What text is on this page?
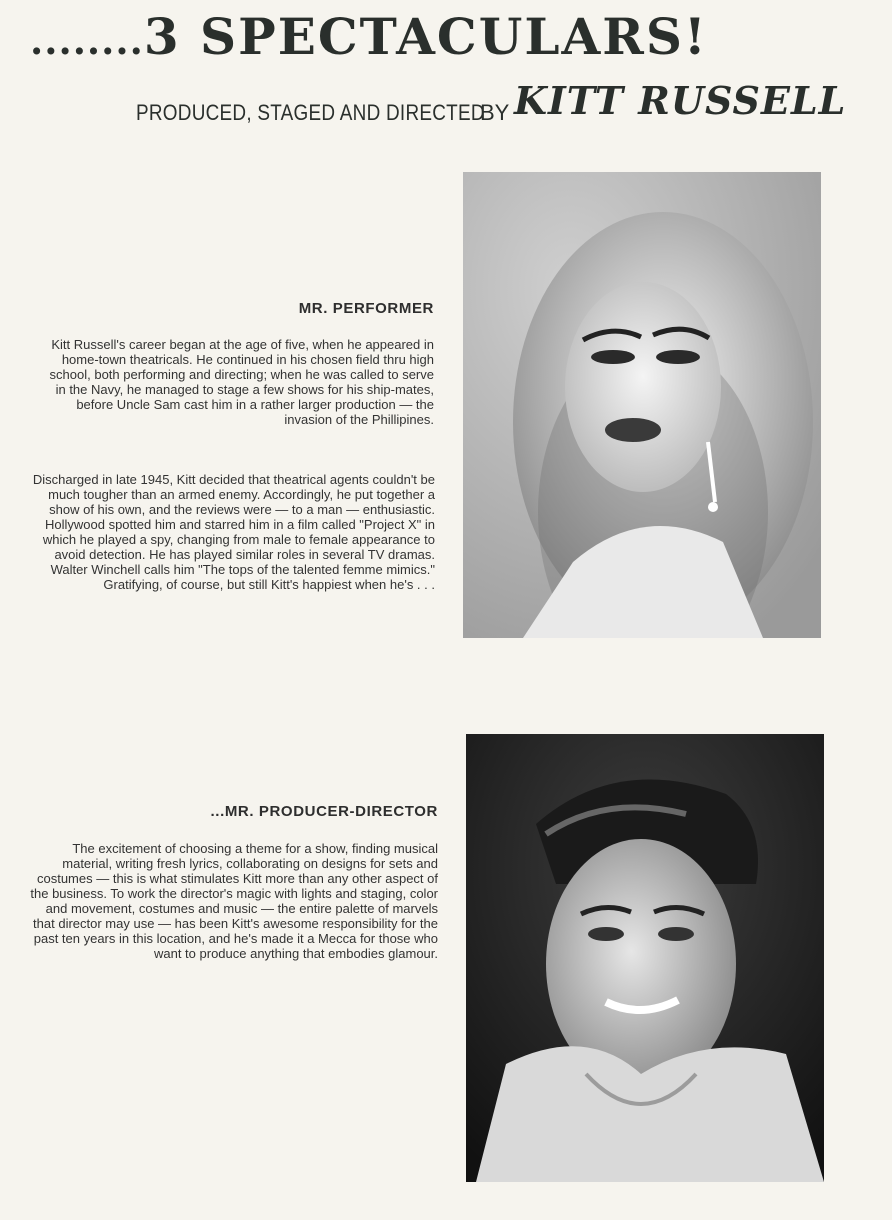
........3 SPECTACULARS!
PRODUCED, STAGED AND DIRECTED
BY KITT RUSSELL
MR. PERFORMER
Kitt Russell's career began at the age of five, when he appeared in home-town theatricals. He continued in his chosen field thru high school, both performing and directing; when he was called to serve in the Navy, he managed to stage a few shows for his ship-mates, before Uncle Sam cast him in a rather larger production — the invasion of the Phillipines.
Discharged in late 1945, Kitt decided that theatrical agents couldn't be much tougher than an armed enemy. Accordingly, he put together a show of his own, and the reviews were — to a man — enthusiastic. Hollywood spotted him and starred him in a film called "Project X" in which he played a spy, changing from male to female appearance to avoid detection. He has played similar roles in several TV dramas. Walter Winchell calls him "The tops of the talented femme mimics." Gratifying, of course, but still Kitt's happiest when he's . . .
...MR. PRODUCER-DIRECTOR
The excitement of choosing a theme for a show, finding musical material, writing fresh lyrics, collaborating on designs for sets and costumes — this is what stimulates Kitt more than any other aspect of the business. To work the director's magic with lights and staging, color and movement, costumes and music — the entire palette of marvels that director may use — has been Kitt's awesome responsibility for the past ten years in this location, and he's made it a Mecca for those who want to produce anything that embodies glamour.
